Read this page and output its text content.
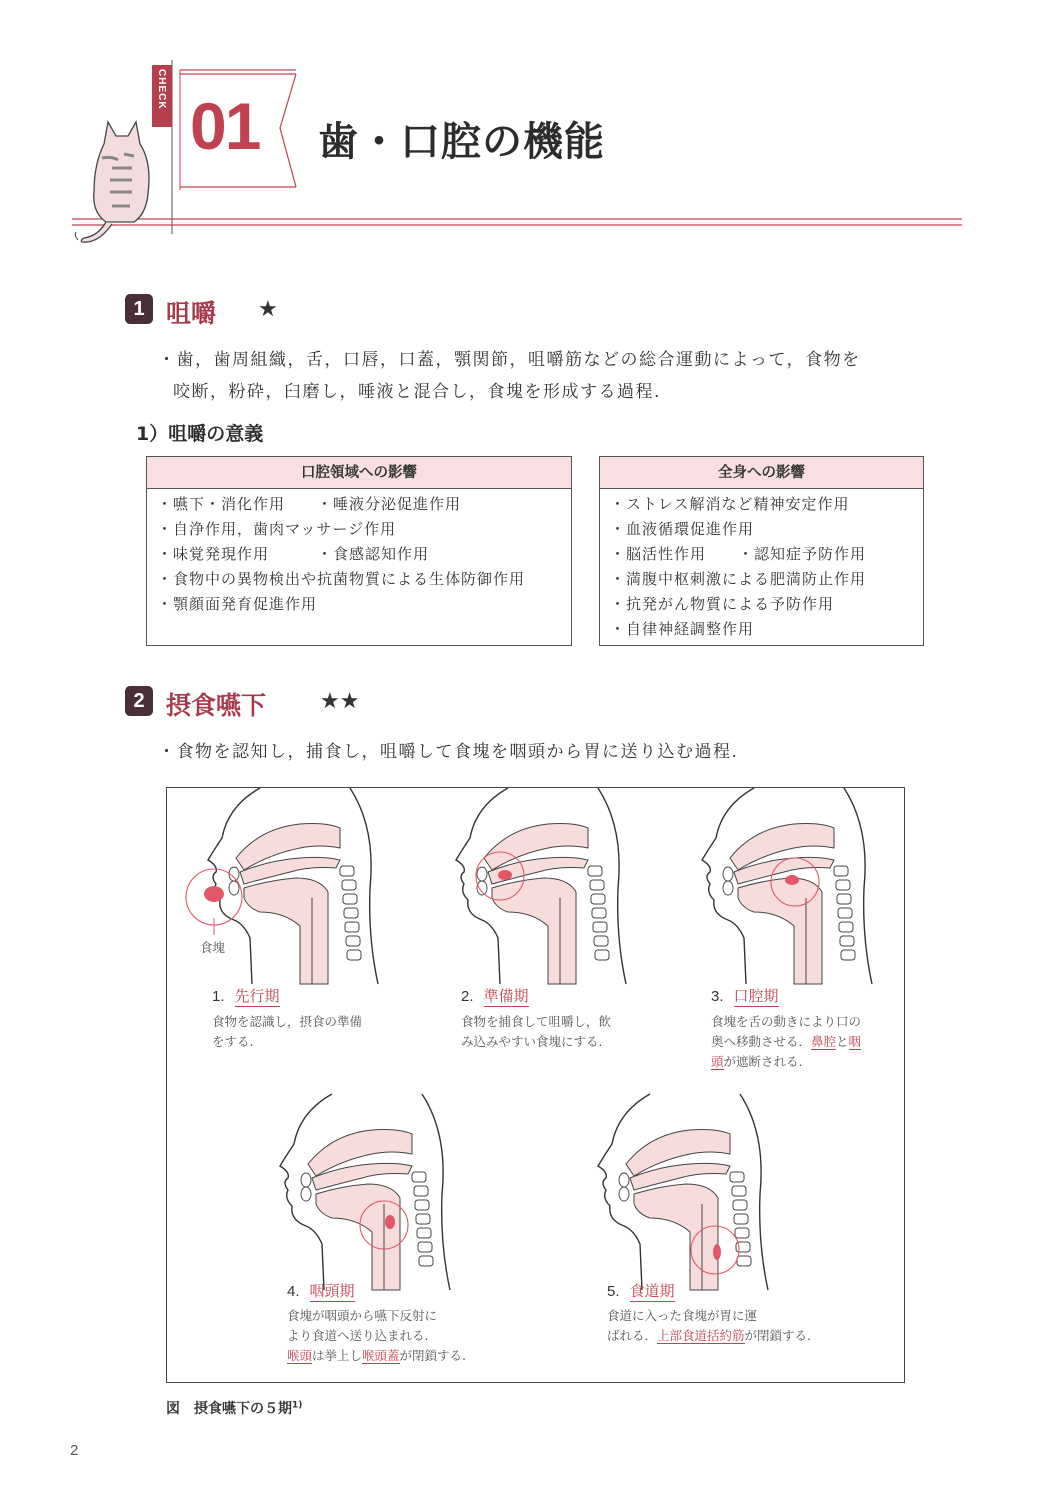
CHECK 01 歯・口腔の機能
1 咀嚼 ★
・歯，歯周組織，舌，口唇，口蓋，顎関節，咀嚼筋などの総合運動によって，食物を
咬断，粉砕，臼磨し，唾液と混合し，食塊を形成する過程.
1）咀嚼の意義
口腔領域への影響
・嚥下・消化作用　　・唾液分泌促進作用
・自浄作用，歯肉マッサージ作用
・味覚発現作用　　　・食感認知作用
・食物中の異物検出や抗菌物質による生体防御作用
・顎顔面発育促進作用
全身への影響
・ストレス解消など精神安定作用
・血液循環促進作用
・脳活性作用　　・認知症予防作用
・満腹中枢刺激による肥満防止作用
・抗発がん物質による予防作用
・自律神経調整作用
2 摂食嚥下 ★★
・食物を認知し，捕食し，咀嚼して食塊を咽頭から胃に送り込む過程.
食塊
1. 先行期
食物を認識し，摂食の準備
をする.
2. 準備期
食物を捕食して咀嚼し，飲
み込みやすい食塊にする.
3. 口腔期
食塊を舌の動きにより口の
奥へ移動させる．鼻腔と咽
頭が遮断される.
4. 咽頭期
食塊が咽頭から嚥下反射に
より食道へ送り込まれる.
喉頭は挙上し喉頭蓋が閉鎖する.
5. 食道期
食道に入った食塊が胃に運
ばれる．上部食道括約筋が閉鎖する.
図　摂食嚥下の５期$^{1)}$
2
